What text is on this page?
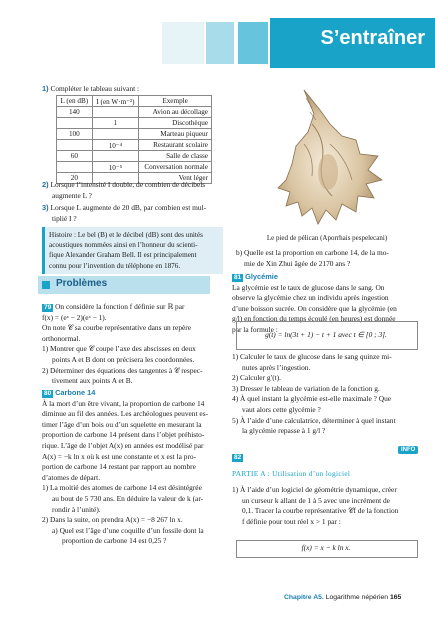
S’entraîner
1) Compléter le tableau suivant :
L (en dB)	I (en W·m⁻²)	Exemple
140		Avion au décollage
	1	Discothèque
100		Marteau piqueur
	10⁻⁴	Restaurant scolaire
60		Salle de classe
	10⁻⁵	Conversation normale
20		Vent léger
2) Lorsque l’intensité I double, de combien de décibels
augmente L ?
3) Lorsque L augmente de 20 dB, par combien est mul-
tiplié I ?
Histoire : Le bel (B) et le décibel (dB) sont des unités
acoustiques nommées ainsi en l’honneur du scienti-
fique Alexander Graham Bell. Il est principalement
connu pour l’invention du téléphone en 1876.
Problèmes
79 On considère la fonction f définie sur ℝ par
f(x) = (eˣ − 2)(eˣ − 1).
On note 𝒞 sa courbe représentative dans un repère
orthonormal.
1) Montrer que 𝒞 coupe l’axe des abscisses en deux
points A et B dont on précisera les coordonnées.
2) Déterminer des équations des tangentes à 𝒞 respec-
tivement aux points A et B.
80 Carbone 14
À la mort d’un être vivant, la proportion de carbone 14
diminue au fil des années. Les archéologues peuvent es-
timer l’âge d’un bois ou d’un squelette en mesurant la
proportion de carbone 14 présent dans l’objet préhisto-
rique. L’âge de l’objet A(x) en années est modélisé par
A(x) = −k ln x où k est une constante et x est la pro-
portion de carbone 14 restant par rapport au nombre
d’atomes de départ.
1) La moitié des atomes de carbone 14 est désintégrée
au bout de 5 730 ans. En déduire la valeur de k (ar-
rondir à l’unité).
2) Dans la suite, on prendra A(x) = −8 267 ln x.
a) Quel est l’âge d’une coquille d’un fossile dont la
proportion de carbone 14 est 0,25 ?
Le pied de pélican (Aporrhais pespelecani)
b) Quelle est la proportion en carbone 14, de la mo-
mie de Xin Zhui âgée de 2170 ans ?
81 Glycémie
La glycémie est le taux de glucose dans le sang. On
observe la glycémie chez un individu après ingestion
d’une boisson sucrée. On considère que la glycémie (en
g/l) en fonction du temps écoulé (en heures) est donnée
par la formule :
g(t) = ln(3t + 1) − t + 1 avec t ∈ [0 ; 3].
1) Calculer le taux de glucose dans le sang quinze mi-
nutes après l’ingestion.
2) Calculer g′(t).
3) Dresser le tableau de variation de la fonction g.
4) À quel instant la glycémie est-elle maximale ? Que
vaut alors cette glycémie ?
5) À l’aide d’une calculatrice, déterminer à quel instant
la glycémie repasse à 1 g/l ?
INFO
82
PARTIE A : Utilisation d’un logiciel
1) À l’aide d’un logiciel de géométrie dynamique, créer
un curseur k allant de 1 à 5 avec une incrément de
0,1. Tracer la courbe représentative 𝒞f de la fonction
f définie pour tout réel x > 1 par :
f(x) = x − k ln x.
Chapitre A5. Logarithme népérien 165
